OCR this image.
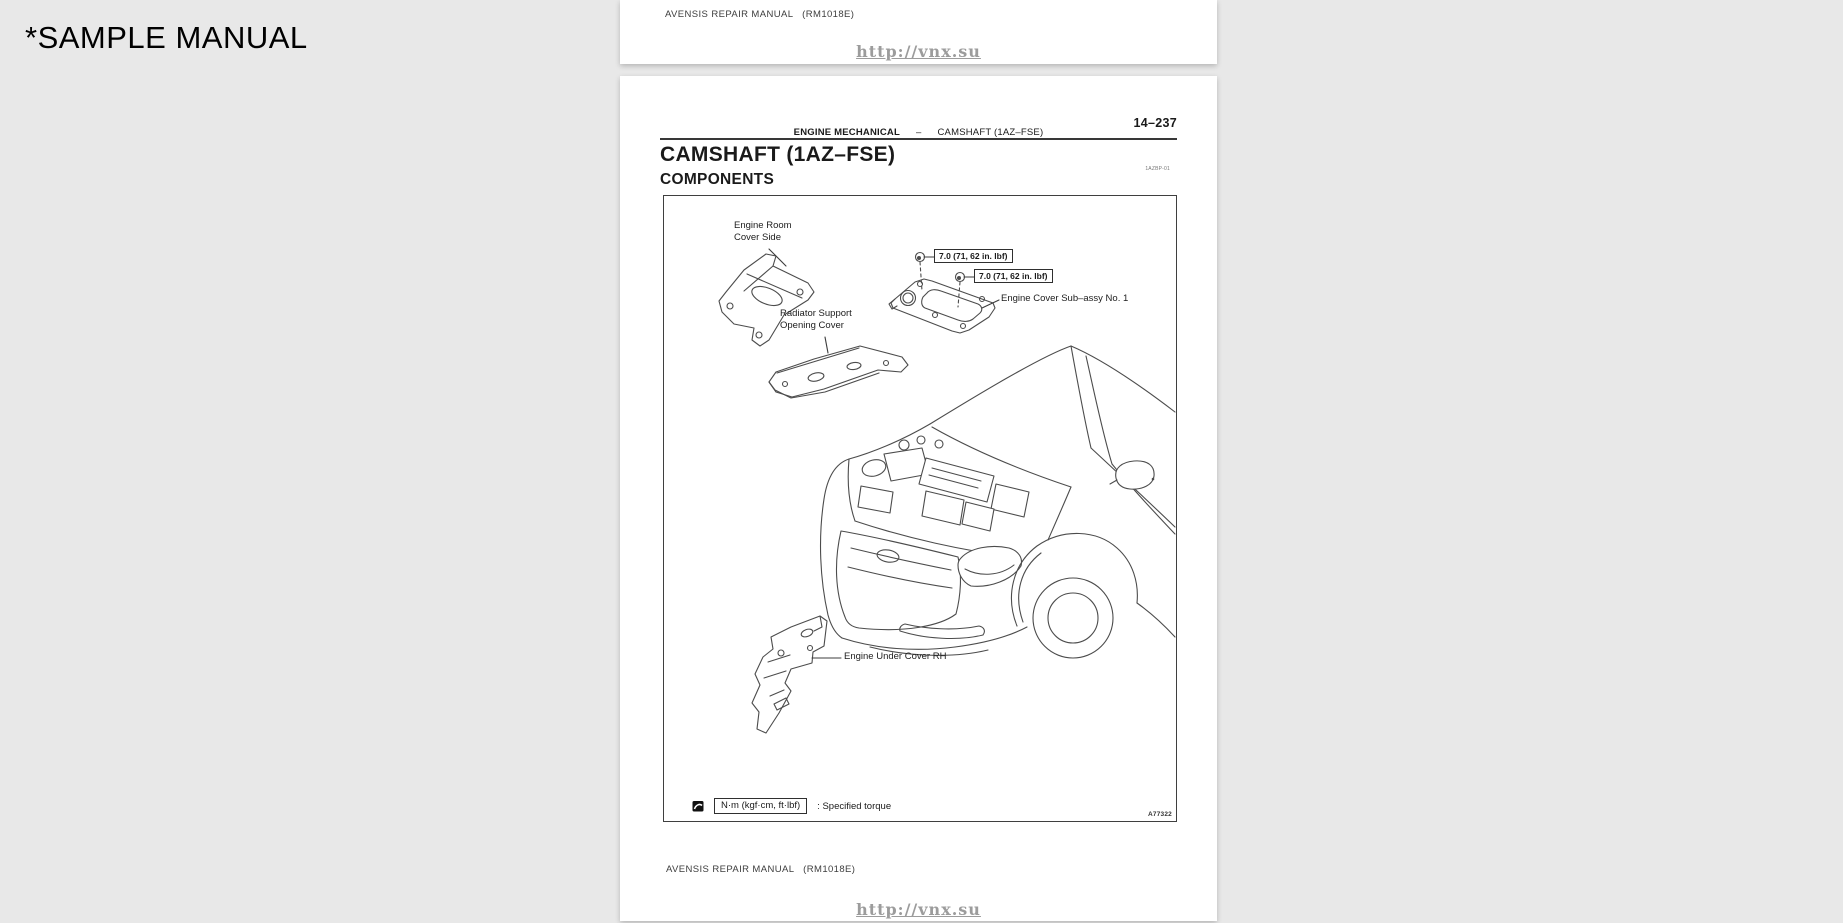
*SAMPLE MANUAL
AVENSIS REPAIR MANUAL   (RM1018E)
http://vnx.su
14–237
ENGINE MECHANICAL – CAMSHAFT (1AZ–FSE)
CAMSHAFT (1AZ–FSE)
COMPONENTS
1AZBP-01
Engine Room
Cover Side
Radiator Support
Opening Cover
Engine Cover Sub–assy No. 1
Engine Under Cover RH
7.0 (71, 62 in. lbf)
7.0 (71, 62 in. lbf)
N·m (kgf·cm, ft·lbf)	: Specified torque
A77322
AVENSIS REPAIR MANUAL   (RM1018E)
http://vnx.su
